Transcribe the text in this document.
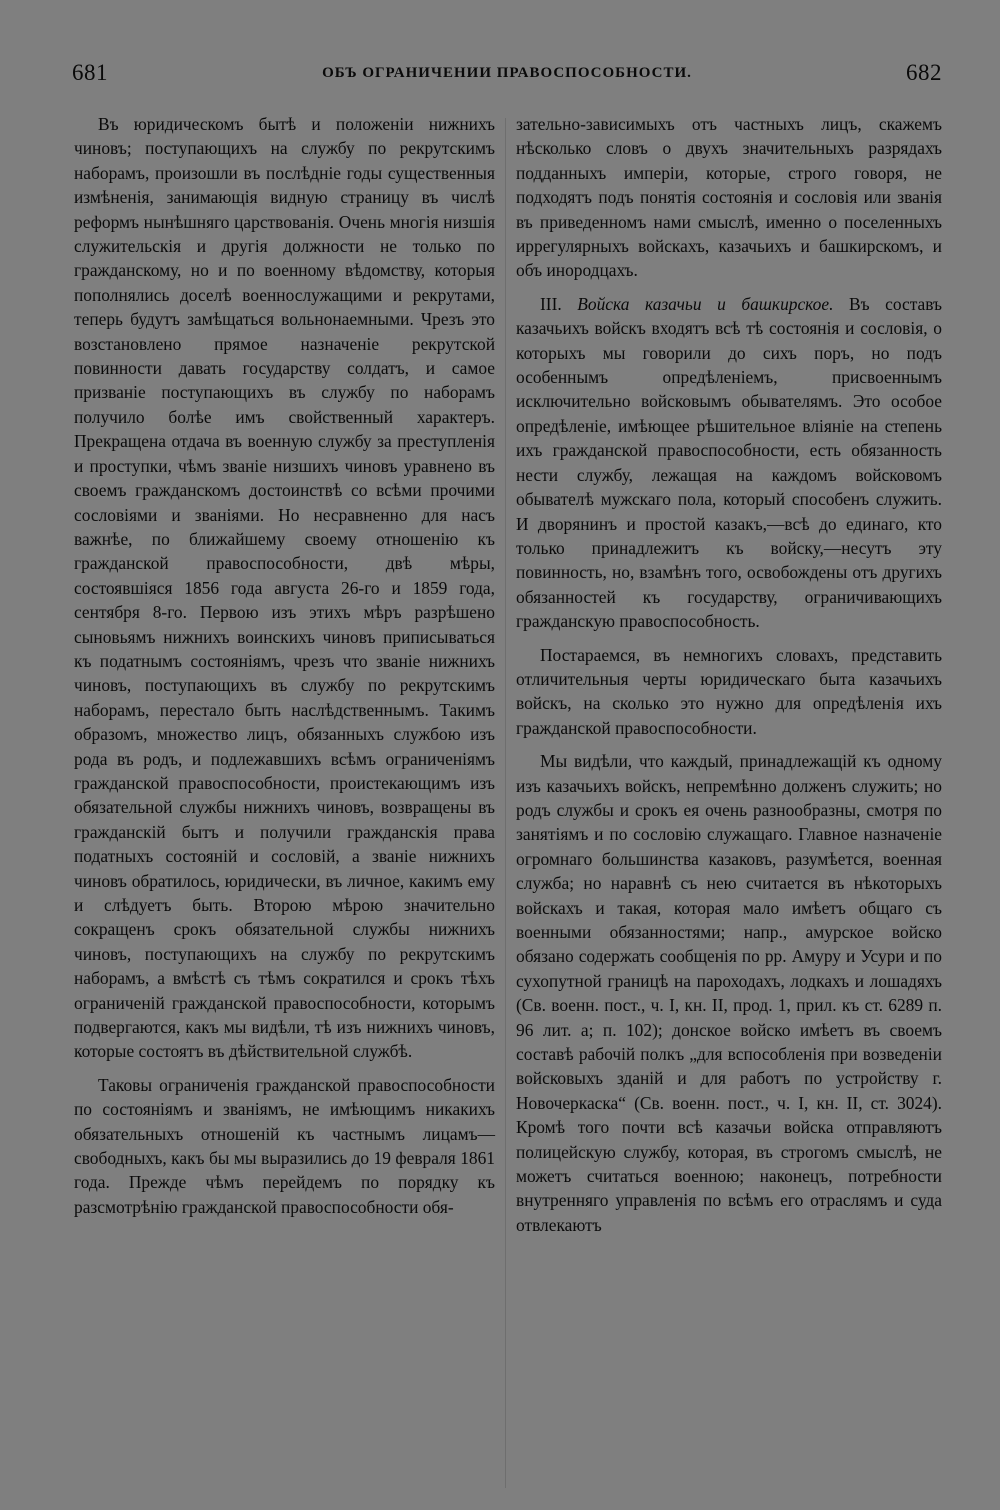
681	ОБЪ ОГРАНИЧЕНИИ ПРАВОСПОСОБНОСТИ.	682

Въ юридическомъ бытѣ и положеніи нижнихъ чиновъ; поступающихъ на службу по рекрутскимъ наборамъ, произошли въ послѣдніе годы существенныя измѣненія, занимающія видную страницу въ числѣ реформъ нынѣшняго царствованія. Очень многія низшія служительскія и другія должности не только по гражданскому, но и по военному вѣдомству, которыя пополнялись доселѣ военнослужащими и рекрутами, теперь будутъ замѣщаться вольнонаемными. Чрезъ это возстановлено прямое назначеніе рекрутской повинности давать государству солдатъ, и самое призваніе поступающихъ въ службу по наборамъ получило болѣе имъ свойственный характеръ. Прекращена отдача въ военную службу за преступленія и проступки, чѣмъ званіе низшихъ чиновъ уравнено въ своемъ гражданскомъ достоинствѣ со всѣми прочими сословіями и званіями. Но несравненно для насъ важнѣе, по ближайшему своему отношенію къ гражданской правоспособности, двѣ мѣры, состоявшіяся 1856 года августа 26-го и 1859 года, сентября 8-го. Первою изъ этихъ мѣръ разрѣшено сыновьямъ нижнихъ воинскихъ чиновъ приписываться къ податнымъ состояніямъ, чрезъ что званіе нижнихъ чиновъ, поступающихъ въ службу по рекрутскимъ наборамъ, перестало быть наслѣдственнымъ. Такимъ образомъ, множество лицъ, обязанныхъ службою изъ рода въ родъ, и подлежавшихъ всѣмъ ограниченіямъ гражданской правоспособности, проистекающимъ изъ обязательной службы нижнихъ чиновъ, возвращены въ гражданскій бытъ и получили гражданскія права податныхъ состояній и сословій, а званіе нижнихъ чиновъ обратилось, юридически, въ личное, какимъ ему и слѣдуетъ быть. Второю мѣрою значительно сокращенъ срокъ обязательной службы нижнихъ чиновъ, поступающихъ на службу по рекрутскимъ наборамъ, а вмѣстѣ съ тѣмъ сократился и срокъ тѣхъ ограниченій гражданской правоспособности, которымъ подвергаются, какъ мы видѣли, тѣ изъ нижнихъ чиновъ, которые состоятъ въ дѣйствительной службѣ.

Таковы ограниченія гражданской правоспособности по состояніямъ и званіямъ, не имѣющимъ никакихъ обязательныхъ отношеній къ частнымъ лицамъ—свободныхъ, какъ бы мы выразились до 19 февраля 1861 года. Прежде чѣмъ перейдемъ по порядку къ разсмотрѣнію гражданской правоспособности обя-

зательно-зависимыхъ отъ частныхъ лицъ, скажемъ нѣсколько словъ о двухъ значительныхъ разрядахъ подданныхъ имперіи, которые, строго говоря, не подходятъ подъ понятія состоянія и сословія или званія въ приведенномъ нами смыслѣ, именно о поселенныхъ иррегулярныхъ войскахъ, казачьихъ и башкирскомъ, и объ инородцахъ.

III. Войска казачьи и башкирское. Въ составъ казачьихъ войскъ входятъ всѣ тѣ состоянія и сословія, о которыхъ мы говорили до сихъ поръ, но подъ особеннымъ опредѣленіемъ, присвоеннымъ исключительно войсковымъ обывателямъ. Это особое опредѣленіе, имѣющее рѣшительное вліяніе на степень ихъ гражданской правоспособности, есть обязанность нести службу, лежащая на каждомъ войсковомъ обывателѣ мужскаго пола, который способенъ служить. И дворянинъ и простой казакъ,—всѣ до единаго, кто только принадлежитъ къ войску,—несутъ эту повинность, но, взамѣнъ того, освобождены отъ другихъ обязанностей къ государству, ограничивающихъ гражданскую правоспособность.

Постараемся, въ немногихъ словахъ, представить отличительныя черты юридическаго быта казачьихъ войскъ, на сколько это нужно для опредѣленія ихъ гражданской правоспособности.

Мы видѣли, что каждый, принадлежащій къ одному изъ казачьихъ войскъ, непремѣнно долженъ служить; но родъ службы и срокъ ея очень разнообразны, смотря по занятіямъ и по сословію служащаго. Главное назначеніе огромнаго большинства казаковъ, разумѣется, военная служба; но наравнѣ съ нею считается въ нѣкоторыхъ войскахъ и такая, которая мало имѣетъ общаго съ военными обязанностями; напр., амурское войско обязано содержать сообщенія по рр. Амуру и Усури и по сухопутной границѣ на пароходахъ, лодкахъ и лошадяхъ (Св. военн. пост., ч. I, кн. II, прод. 1, прил. къ ст. 6289 п. 96 лит. а; п. 102); донское войско имѣетъ въ своемъ составѣ рабочій полкъ „для вспособленія при возведеніи войсковыхъ зданій и для работъ по устройству г. Новочеркаска“ (Св. военн. пост., ч. I, кн. II, ст. 3024). Кромѣ того почти всѣ казачьи войска отправляютъ полицейскую службу, которая, въ строгомъ смыслѣ, не можетъ считаться военною; наконецъ, потребности внутренняго управленія по всѣмъ его отраслямъ и суда отвлекаютъ
